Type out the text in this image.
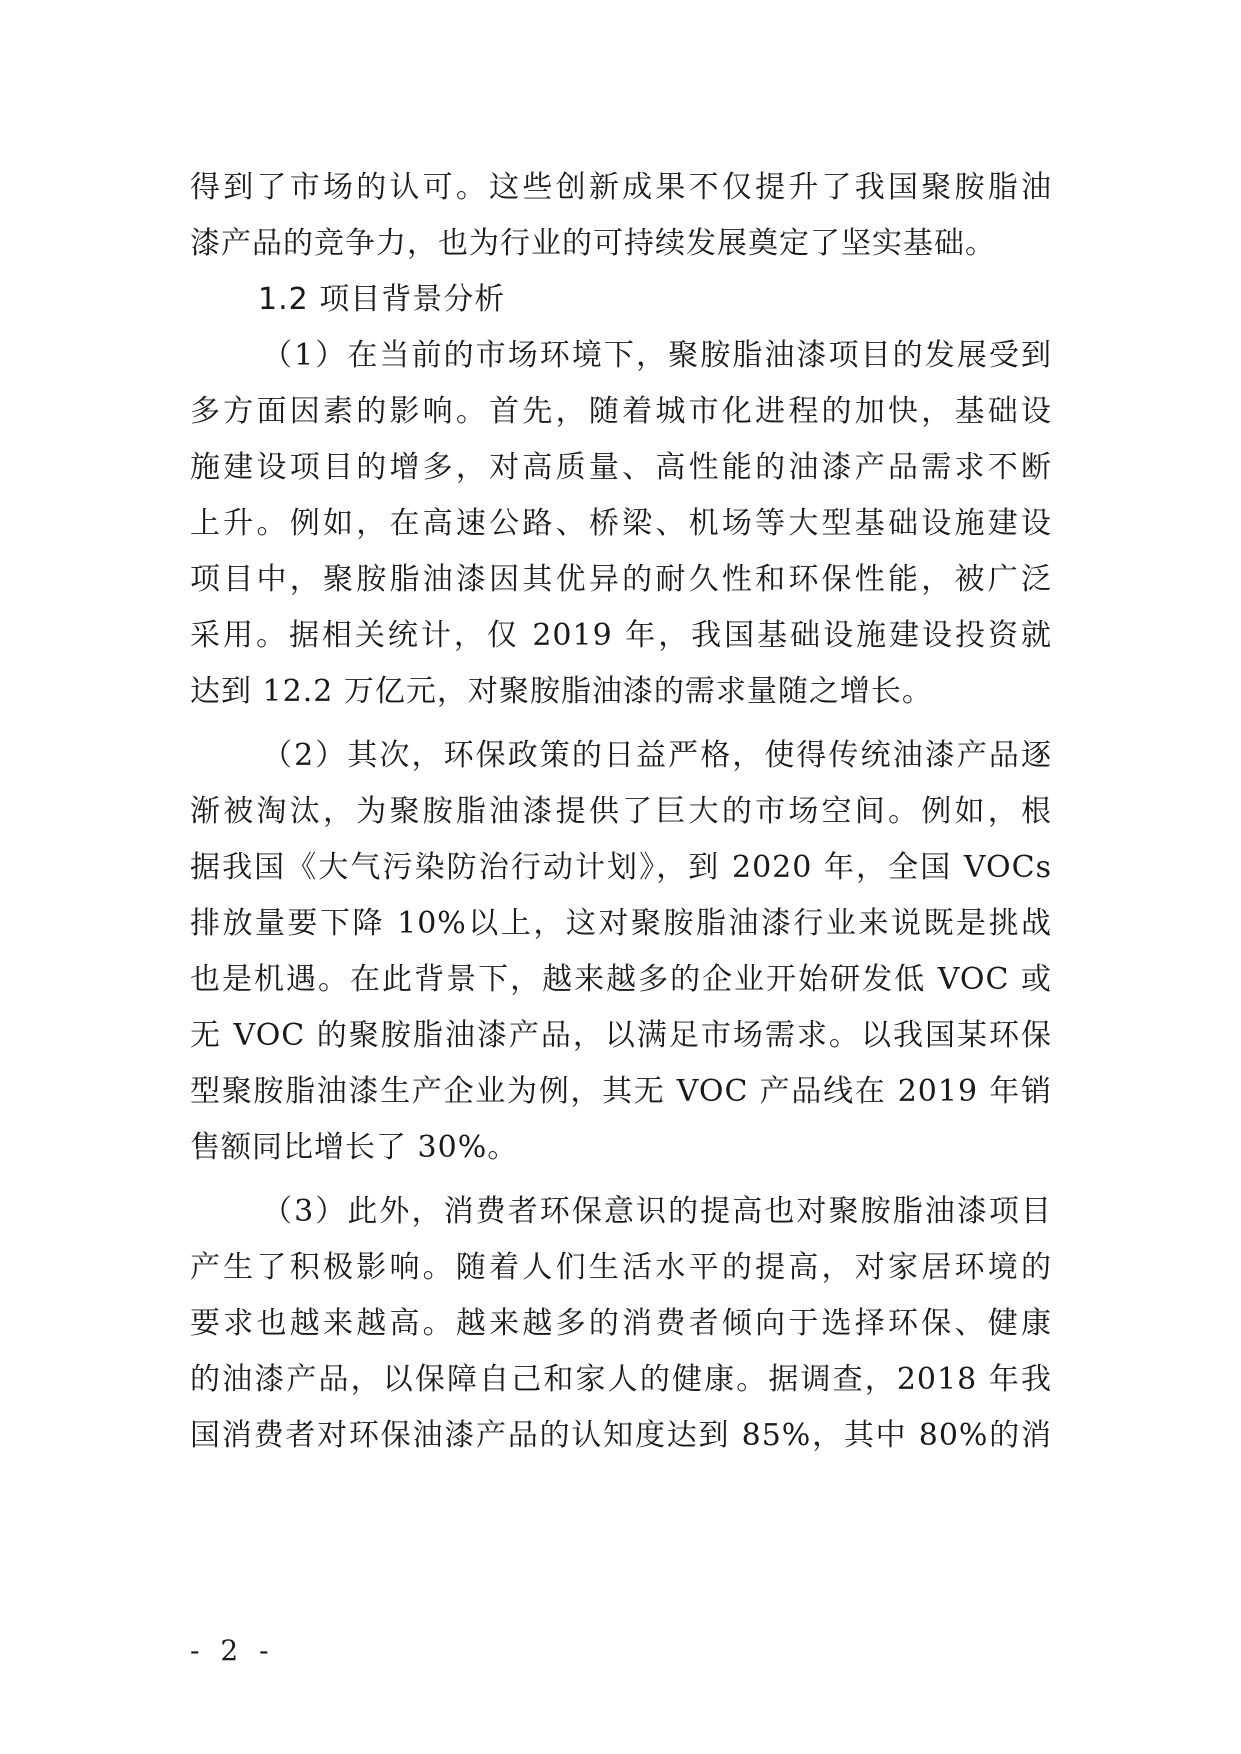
得到了市场的认可。这些创新成果不仅提升了我国聚胺脂油
漆产品的竞争力，也为行业的可持续发展奠定了坚实基础。
1.2 项目背景分析
（1）在当前的市场环境下，聚胺脂油漆项目的发展受到
多方面因素的影响。首先，随着城市化进程的加快，基础设
施建设项目的增多，对高质量、高性能的油漆产品需求不断
上升。例如，在高速公路、桥梁、机场等大型基础设施建设
项目中，聚胺脂油漆因其优异的耐久性和环保性能，被广泛
采用。据相关统计，仅 2019 年，我国基础设施建设投资就
达到 12.2 万亿元，对聚胺脂油漆的需求量随之增长。
（2）其次，环保政策的日益严格，使得传统油漆产品逐
渐被淘汰，为聚胺脂油漆提供了巨大的市场空间。例如，根
据我国《大气污染防治行动计划》，到 2020 年，全国 VOCs
排放量要下降 10%以上，这对聚胺脂油漆行业来说既是挑战
也是机遇。在此背景下，越来越多的企业开始研发低 VOC 或
无 VOC 的聚胺脂油漆产品，以满足市场需求。以我国某环保
型聚胺脂油漆生产企业为例，其无 VOC 产品线在 2019 年销
售额同比增长了 30%。
（3）此外，消费者环保意识的提高也对聚胺脂油漆项目
产生了积极影响。随着人们生活水平的提高，对家居环境的
要求也越来越高。越来越多的消费者倾向于选择环保、健康
的油漆产品，以保障自己和家人的健康。据调查，2018 年我
国消费者对环保油漆产品的认知度达到 85%，其中 80%的消
- 2 -
